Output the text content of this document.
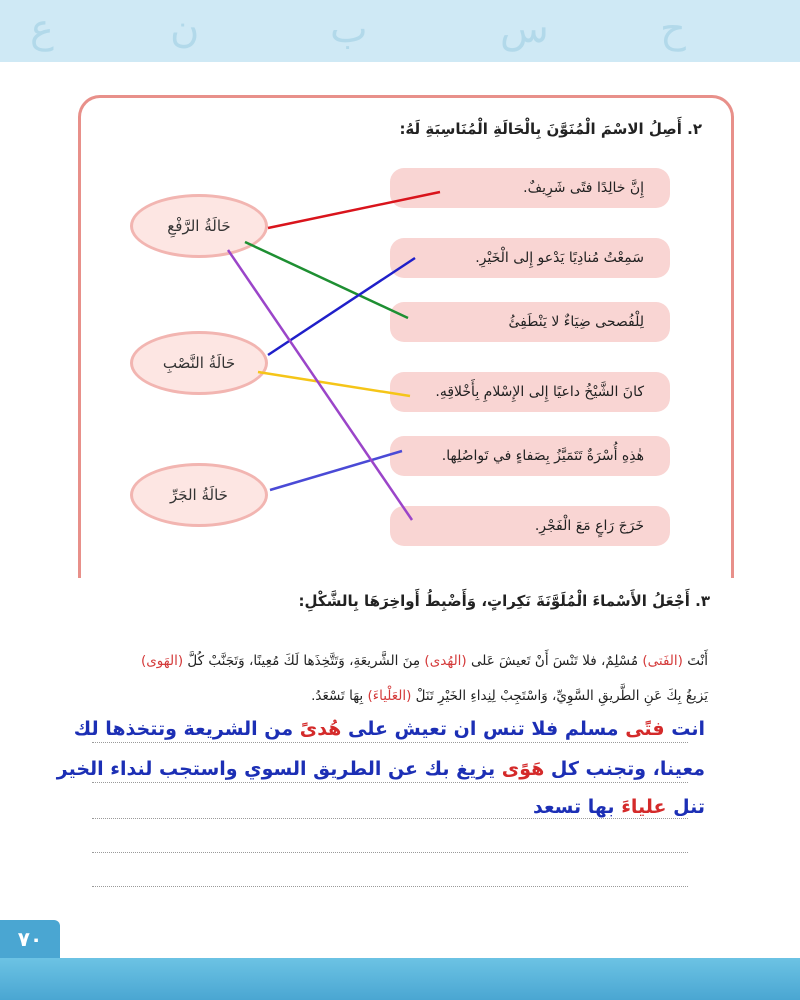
ع	ن	ب	س	ح
٢. أَصِلُ الاسْمَ الْمُنَوَّنَ بِالْحَالَةِ الْمُنَاسِبَةِ لَهُ:
إِنَّ خالِدًا فتًى شَرِيفٌ.
سَمِعْتُ مُنادِيًا يَدْعو إِلى الْخَيْرِ.
لِلْفُصحى ضِيَاءٌ لا يَنْطَفِئُ
كانَ الشَّيْخُ داعيًا إِلى الإِسْلامِ بِأَخْلاقِهِ.
هٰذِهِ أُسْرَةٌ تَتَمَيَّزُ بِصَفاءٍ في تَواصُلِها.
خَرَجَ رَاعٍ مَعَ الْفَجْرِ.
حَالَةُ الرَّفْعِ
حَالَةُ النَّصْبِ
حَالَةُ الجَرِّ
٣. أَجْعَلُ الأَسْماءَ الْمُلَوَّنَةَ نَكِراتٍ، وَأَضْبِطُ أَواخِرَهَا بِالشَّكْلِ:
أَنْتَ (الفَتى) مُسْلِمٌ، فلا تَنْسَ أَنْ تَعيشَ عَلى (الهُدى) مِنَ الشَّريعَةِ، وَتَتَّخِذَها لَكَ مُعِينًا، وَتَجَنَّبْ كُلَّ (الهَوى)
يَزيغُ بِكَ عَنِ الطَّريقِ السَّوِيِّ، وَاسْتَجِبْ لِنِداءِ الخَيْرِ تَنَلْ (العَلْياءَ) بِهَا تَسْعَدُ.
انت فتًى مسلم فلا تنس ان تعيش على هُدىً من الشريعة وتتخذها لك
معينا، وتجنب كل هَوًى يزيغ بك عن الطريق السوي واستجب لنداء الخير
تنل علياءَ بها تسعد
٧٠
